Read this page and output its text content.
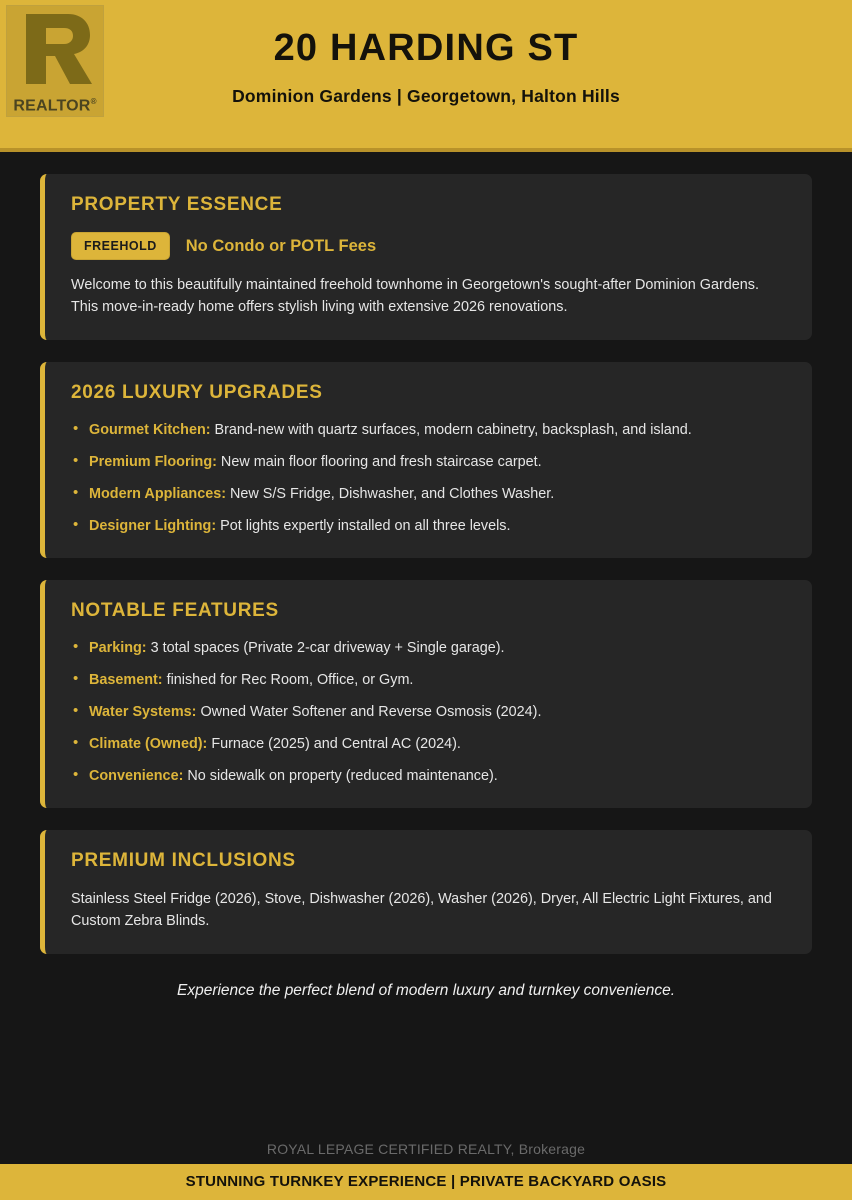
REALTOR®
20 HARDING ST
Dominion Gardens | Georgetown, Halton Hills
PROPERTY ESSENCE
FREEHOLD	No Condo or POTL Fees
Welcome to this beautifully maintained freehold townhome in Georgetown's sought-after Dominion Gardens. This move-in-ready home offers stylish living with extensive 2026 renovations.
2026 LUXURY UPGRADES
• Gourmet Kitchen: Brand-new with quartz surfaces, modern cabinetry, backsplash, and island.
• Premium Flooring: New main floor flooring and fresh staircase carpet.
• Modern Appliances: New S/S Fridge, Dishwasher, and Clothes Washer.
• Designer Lighting: Pot lights expertly installed on all three levels.
NOTABLE FEATURES
• Parking: 3 total spaces (Private 2-car driveway + Single garage).
• Basement: finished for Rec Room, Office, or Gym.
• Water Systems: Owned Water Softener and Reverse Osmosis (2024).
• Climate (Owned): Furnace (2025) and Central AC (2024).
• Convenience: No sidewalk on property (reduced maintenance).
PREMIUM INCLUSIONS
Stainless Steel Fridge (2026), Stove, Dishwasher (2026), Washer (2026), Dryer, All Electric Light Fixtures, and Custom Zebra Blinds.
Experience the perfect blend of modern luxury and turnkey convenience.
ROYAL LEPAGE CERTIFIED REALTY, Brokerage
STUNNING TURNKEY EXPERIENCE | PRIVATE BACKYARD OASIS
